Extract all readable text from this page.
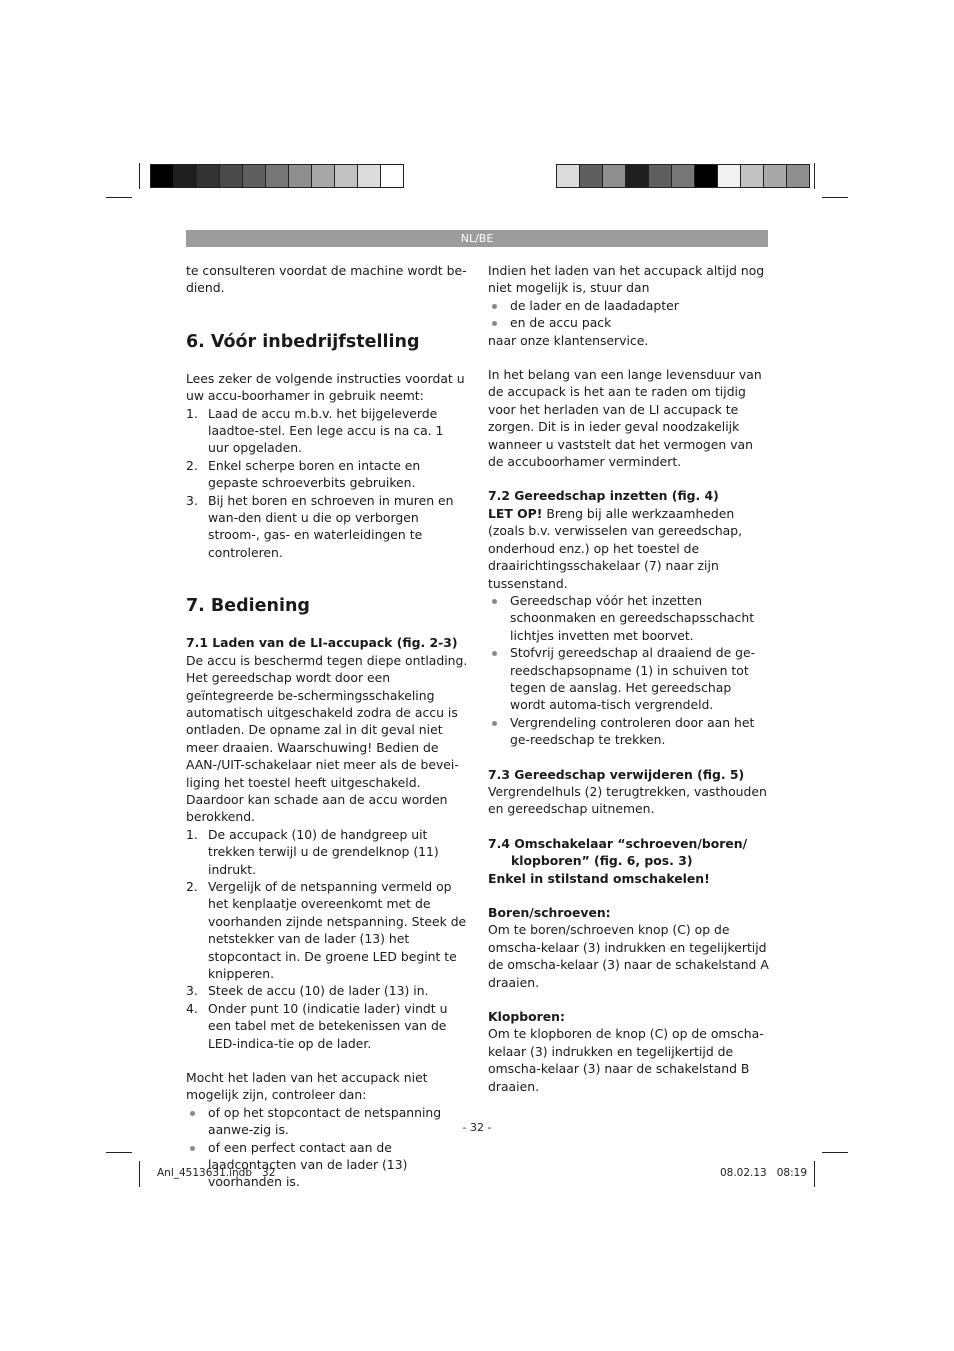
NL/BE

te consulteren voordat de machine wordt be-diend.

6. Vóór inbedrijfstelling

Lees zeker de volgende instructies voordat u uw accu-boorhamer in gebruik neemt:

1. Laad de accu m.b.v. het bijgeleverde laadtoe-stel. Een lege accu is na ca. 1 uur opgeladen.
2. Enkel scherpe boren en intacte en gepaste schroeverbits gebruiken.
3. Bij het boren en schroeven in muren en wan-den dient u die op verborgen stroom-, gas- en waterleidingen te controleren.

7. Bediening

7.1 Laden van de LI-accupack (fig. 2-3)

De accu is beschermd tegen diepe ontlading. Het gereedschap wordt door een geïntegreerde be-schermingsschakeling automatisch uitgeschakeld zodra de accu is ontladen. De opname zal in dit geval niet meer draaien. Waarschuwing! Bedien de AAN-/UIT-schakelaar niet meer als de bevei-liging het toestel heeft uitgeschakeld. Daardoor kan schade aan de accu worden berokkend.

1. De accupack (10) de handgreep uit trekken terwijl u de grendelknop (11) indrukt.
2. Vergelijk of de netspanning vermeld op het kenplaatje overeenkomt met de voorhanden zijnde netspanning. Steek de netstekker van de lader (13) het stopcontact in. De groene LED begint te knipperen.
3. Steek de accu (10) de lader (13) in.
4. Onder punt 10 (indicatie lader) vindt u een tabel met de betekenissen van de LED-indica-tie op de lader.

Mocht het laden van het accupack niet mogelijk zijn, controleer dan:

of op het stopcontact de netspanning aanwe-zig is.
of een perfect contact aan de laadcontacten van de lader (13) voorhanden is.

Indien het laden van het accupack altijd nog niet mogelijk is, stuur dan

de lader en de laadadapter
en de accu pack

naar onze klantenservice.

In het belang van een lange levensduur van de accupack is het aan te raden om tijdig voor het herladen van de LI accupack te zorgen. Dit is in ieder geval noodzakelijk wanneer u vaststelt dat het vermogen van de accuboorhamer vermindert.

7.2 Gereedschap inzetten (fig. 4)

LET OP! Breng bij alle werkzaamheden (zoals b.v. verwisselen van gereedschap, onderhoud enz.) op het toestel de draairichtingsschakelaar (7) naar zijn tussenstand.

Gereedschap vóór het inzetten schoonmaken en gereedschapsschacht lichtjes invetten met boorvet.
Stofvrij gereedschap al draaiend de ge-reedschapsopname (1) in schuiven tot tegen de aanslag. Het gereedschap wordt automa-tisch vergrendeld.
Vergrendeling controleren door aan het ge-reedschap te trekken.

7.3 Gereedschap verwijderen (fig. 5)

Vergrendelhuls (2) terugtrekken, vasthouden en gereedschap uitnemen.

7.4 Omschakelaar “schroeven/boren/

klopboren” (fig. 6, pos. 3)

Enkel in stilstand omschakelen!

Boren/schroeven:

Om te boren/schroeven knop (C) op de omscha-kelaar (3) indrukken en tegelijkertijd de omscha-kelaar (3) naar de schakelstand A draaien.

Klopboren:

Om te klopboren de knop (C) op de omscha-kelaar (3) indrukken en tegelijkertijd de omscha-kelaar (3) naar de schakelstand B draaien.

- 32 -
Anl_4513631.indb   32	08.02.13   08:19
